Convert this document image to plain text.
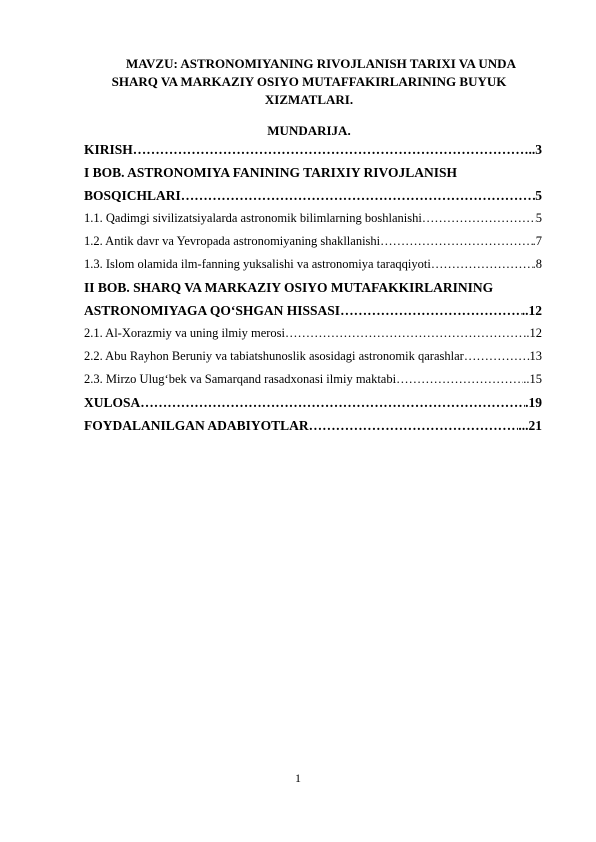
MAVZU: ASTRONOMIYANING RIVOJLANISH TARIXI VA UNDA SHARQ VA MARKAZIY OSIYO MUTAFFAKIRLARINING BUYUK XIZMATLARI.
MUNDARIJA.
KIRISH …………………………………………………………………………………………………………………………………………………………………………………………	..3
I BOB. ASTRONOMIYA FANINING TARIXIY RIVOJLANISH
BOSQICHLARI …………………………………………………………………………………………………………………………………………………………………………………………	5
1.1. Qadimgi sivilizatsiyalarda astronomik bilimlarning boshlanishi …………………………………………………………………………………………………………………………………………………………………………………………	5
1.2. Antik davr va Yevropada astronomiyaning shakllanishi …………………………………………………………………………………………………………………………………………………………………………………………	.7
1.3. Islom olamida ilm-fanning yuksalishi va astronomiya taraqqiyoti …………………………………………………………………………………………………………………………………………………………………………………………	.8
II BOB. SHARQ VA MARKAZIY OSIYO MUTAFAKKIRLARINING
ASTRONOMIYAGA QO‘SHGAN HISSASI …………………………………………………………………………………………………………………………………………………………………………………………	..12
2.1. Al-Xorazmiy va uning ilmiy merosi …………………………………………………………………………………………………………………………………………………………………………………………	..12
2.2. Abu Rayhon Beruniy va tabiatshunoslik asosidagi astronomik qarashlar …………………………………………………………………………………………………………………………………………………………………………………………	13
2.3. Mirzo Ulug‘bek va Samarqand rasadxonasi ilmiy maktabi …………………………………………………………………………………………………………………………………………………………………………………………	..15
XULOSA …………………………………………………………………………………………………………………………………………………………………………………………	.19
FOYDALANILGAN ADABIYOTLAR …………………………………………………………………………………………………………………………………………………………………………………………	...21
1
